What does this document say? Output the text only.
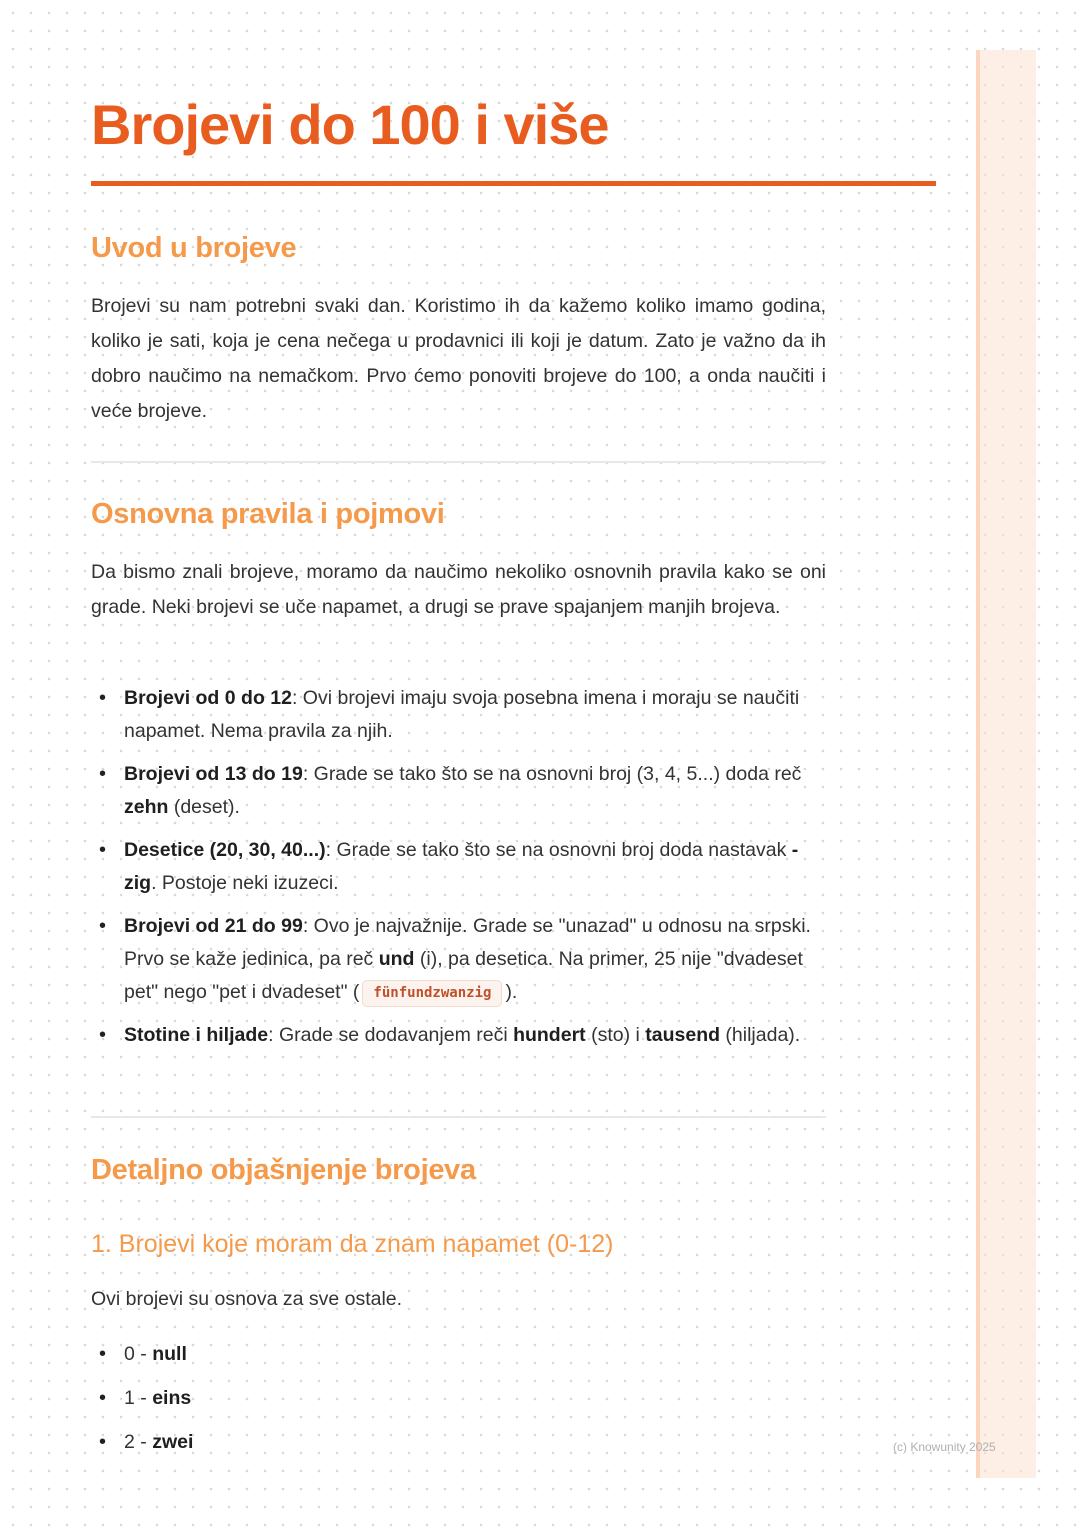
Brojevi do 100 i više
Uvod u brojeve

Brojevi su nam potrebni svaki dan. Koristimo ih da kažemo koliko imamo godina, koliko je sati, koja je cena nečega u prodavnici ili koji je datum. Zato je važno da ih dobro naučimo na nemačkom. Prvo ćemo ponoviti brojeve do 100, a onda naučiti i veće brojeve.

Osnovna pravila i pojmovi

Da bismo znali brojeve, moramo da naučimo nekoliko osnovnih pravila kako se oni grade. Neki brojevi se uče napamet, a drugi se prave spajanjem manjih brojeva.

• Brojevi od 0 do 12: Ovi brojevi imaju svoja posebna imena i moraju se naučiti napamet. Nema pravila za njih.
• Brojevi od 13 do 19: Grade se tako što se na osnovni broj (3, 4, 5...) doda reč zehn (deset).
• Desetice (20, 30, 40...): Grade se tako što se na osnovni broj doda nastavak -zig. Postoje neki izuzeci.
• Brojevi od 21 do 99: Ovo je najvažnije. Grade se "unazad" u odnosu na srpski. Prvo se kaže jedinica, pa reč und (i), pa desetica. Na primer, 25 nije "dvadeset pet" nego "pet i dvadeset" ( fünfundzwanzig ).
• Stotine i hiljade: Grade se dodavanjem reči hundert (sto) i tausend (hiljada).
Detaljno objašnjenje brojeva
1. Brojevi koje moram da znam napamet (0-12)

Ovi brojevi su osnova za sve ostale.

• 0 - null
• 1 - eins
• 2 - zwei	(c) Knowunity 2025
